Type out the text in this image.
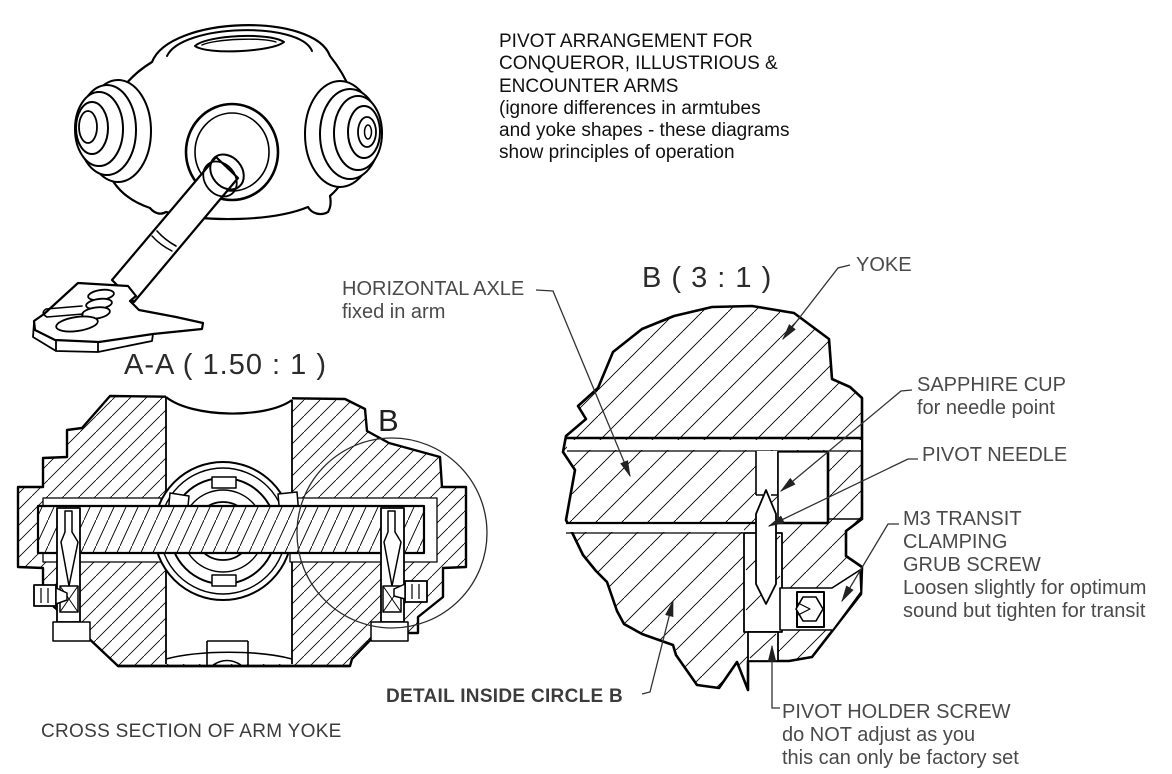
PIVOT ARRANGEMENT FOR
CONQUEROR, ILLUSTRIOUS &
ENCOUNTER ARMS
(ignore differences in armtubes
and yoke shapes - these diagrams
show principles of operation
A-A ( 1.50 : 1 )
B ( 3 : 1 )
B
HORIZONTAL AXLE
fixed in arm
YOKE
SAPPHIRE CUP
for needle point
PIVOT NEEDLE
M3 TRANSIT
CLAMPING
GRUB SCREW
Loosen slightly for optimum
sound but tighten for transit
PIVOT HOLDER SCREW
do NOT adjust as you
this can only be factory set
DETAIL INSIDE CIRCLE B
CROSS SECTION OF ARM YOKE
